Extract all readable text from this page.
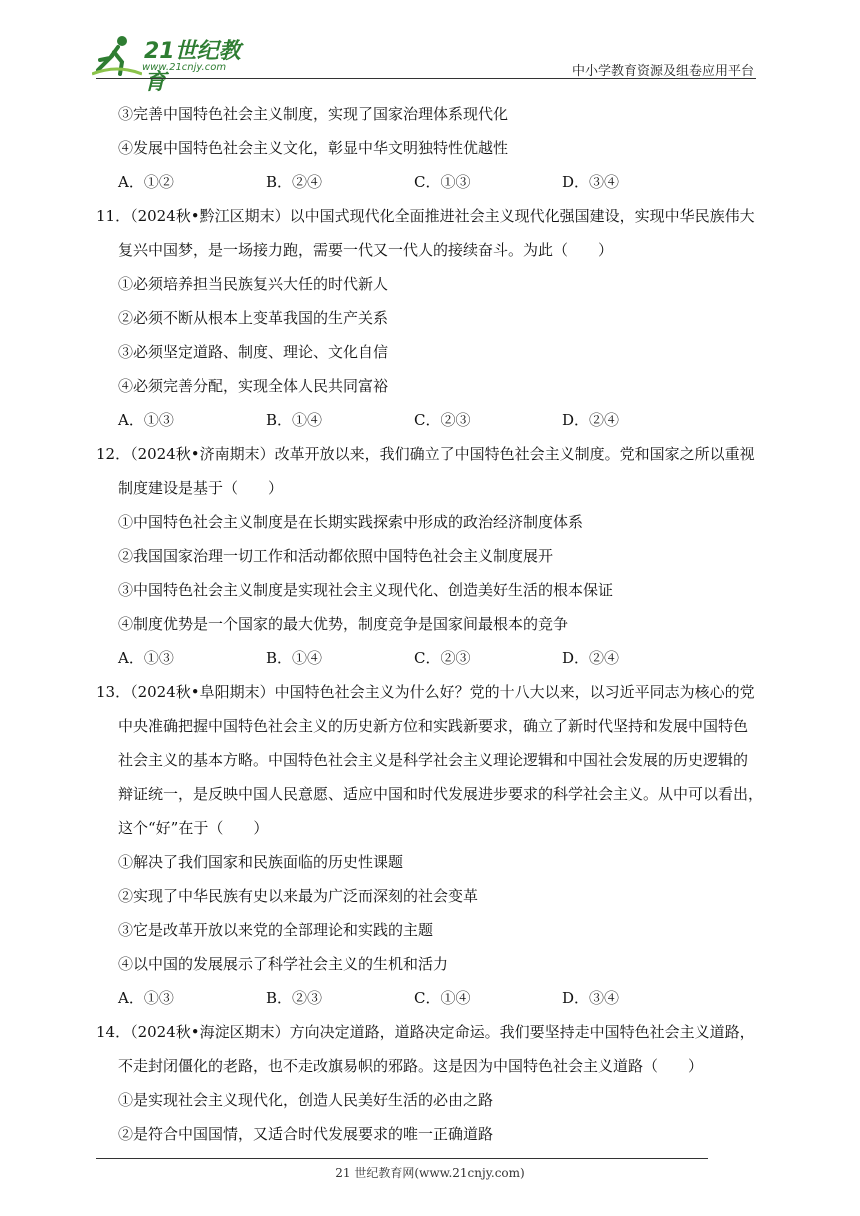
21世纪教育
www.21cnjy.com	中小学教育资源及组卷应用平台
③完善中国特色社会主义制度，实现了国家治理体系现代化
④发展中国特色社会主义文化，彰显中华文明独特性优越性
A．①②	B．②④	C．①③	D．③④
11．（2024秋•黔江区期末）以中国式现代化全面推进社会主义现代化强国建设，实现中华民族伟大
复兴中国梦，是一场接力跑，需要一代又一代人的接续奋斗。为此（　　）
①必须培养担当民族复兴大任的时代新人
②必须不断从根本上变革我国的生产关系
③必须坚定道路、制度、理论、文化自信
④必须完善分配，实现全体人民共同富裕
A．①③	B．①④	C．②③	D．②④
12．（2024秋•济南期末）改革开放以来，我们确立了中国特色社会主义制度。党和国家之所以重视
制度建设是基于（　　）
①中国特色社会主义制度是在长期实践探索中形成的政治经济制度体系
②我国国家治理一切工作和活动都依照中国特色社会主义制度展开
③中国特色社会主义制度是实现社会主义现代化、创造美好生活的根本保证
④制度优势是一个国家的最大优势，制度竞争是国家间最根本的竞争
A．①③	B．①④	C．②③	D．②④
13．（2024秋•阜阳期末）中国特色社会主义为什么好？党的十八大以来，以习近平同志为核心的党
中央准确把握中国特色社会主义的历史新方位和实践新要求，确立了新时代坚持和发展中国特色
社会主义的基本方略。中国特色社会主义是科学社会主义理论逻辑和中国社会发展的历史逻辑的
辩证统一，是反映中国人民意愿、适应中国和时代发展进步要求的科学社会主义。从中可以看出，
这个“好”在于（　　）
①解决了我们国家和民族面临的历史性课题
②实现了中华民族有史以来最为广泛而深刻的社会变革
③它是改革开放以来党的全部理论和实践的主题
④以中国的发展展示了科学社会主义的生机和活力
A．①③	B．②③	C．①④	D．③④
14．（2024秋•海淀区期末）方向决定道路，道路决定命运。我们要坚持走中国特色社会主义道路，
不走封闭僵化的老路，也不走改旗易帜的邪路。这是因为中国特色社会主义道路（　　）
①是实现社会主义现代化，创造人民美好生活的必由之路
②是符合中国国情，又适合时代发展要求的唯一正确道路
21 世纪教育网(www.21cnjy.com)
